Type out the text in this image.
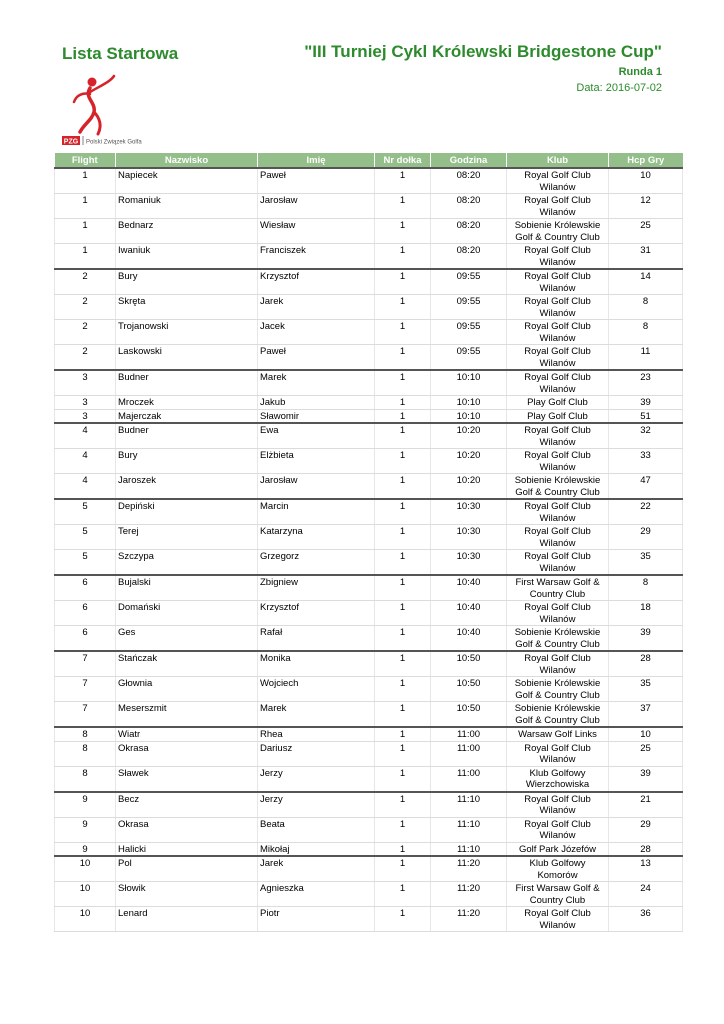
Lista Startowa	"III Turniej Cykl Królewski Bridgestone Cup"
Runda 1
Data: 2016-07-02
PZG Polski Związek Golfa
Flight	Nazwisko	Imię	Nr dołka	Godzina	Klub	Hcp Gry
1	Napiecek	Paweł	1	08:20	Royal Golf Club Wilanów	10
1	Romaniuk	Jarosław	1	08:20	Royal Golf Club Wilanów	12
1	Bednarz	Wiesław	1	08:20	Sobienie Królewskie Golf & Country Club	25
1	Iwaniuk	Franciszek	1	08:20	Royal Golf Club Wilanów	31
2	Bury	Krzysztof	1	09:55	Royal Golf Club Wilanów	14
2	Skręta	Jarek	1	09:55	Royal Golf Club Wilanów	8
2	Trojanowski	Jacek	1	09:55	Royal Golf Club Wilanów	8
2	Laskowski	Paweł	1	09:55	Royal Golf Club Wilanów	11
3	Budner	Marek	1	10:10	Royal Golf Club Wilanów	23
3	Mroczek	Jakub	1	10:10	Play Golf Club	39
3	Majerczak	Sławomir	1	10:10	Play Golf Club	51
4	Budner	Ewa	1	10:20	Royal Golf Club Wilanów	32
4	Bury	Elżbieta	1	10:20	Royal Golf Club Wilanów	33
4	Jaroszek	Jarosław	1	10:20	Sobienie Królewskie Golf & Country Club	47
5	Depiński	Marcin	1	10:30	Royal Golf Club Wilanów	22
5	Terej	Katarzyna	1	10:30	Royal Golf Club Wilanów	29
5	Szczypa	Grzegorz	1	10:30	Royal Golf Club Wilanów	35
6	Bujalski	Zbigniew	1	10:40	First Warsaw Golf & Country Club	8
6	Domański	Krzysztof	1	10:40	Royal Golf Club Wilanów	18
6	Ges	Rafał	1	10:40	Sobienie Królewskie Golf & Country Club	39
7	Stańczak	Monika	1	10:50	Royal Golf Club Wilanów	28
7	Głownia	Wojciech	1	10:50	Sobienie Królewskie Golf & Country Club	35
7	Meserszmit	Marek	1	10:50	Sobienie Królewskie Golf & Country Club	37
8	Wiatr	Rhea	1	11:00	Warsaw Golf Links	10
8	Okrasa	Dariusz	1	11:00	Royal Golf Club Wilanów	25
8	Sławek	Jerzy	1	11:00	Klub Golfowy Wierzchowiska	39
9	Becz	Jerzy	1	11:10	Royal Golf Club Wilanów	21
9	Okrasa	Beata	1	11:10	Royal Golf Club Wilanów	29
9	Halicki	Mikołaj	1	11:10	Golf Park Józefów	28
10	Pol	Jarek	1	11:20	Klub Golfowy Komorów	13
10	Słowik	Agnieszka	1	11:20	First Warsaw Golf & Country Club	24
10	Lenard	Piotr	1	11:20	Royal Golf Club Wilanów	36
